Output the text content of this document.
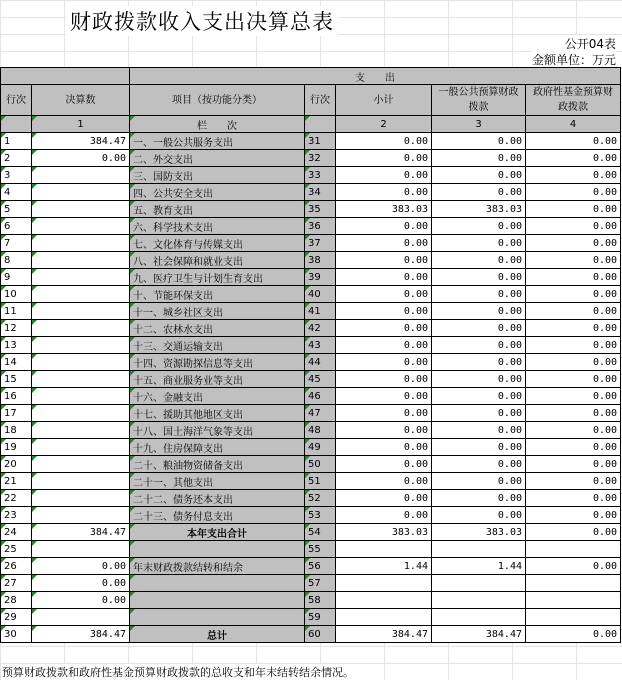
财政拨款收入支出决算总表
公开04表
金额单位：万元
		支　　出				
行次	决算数	项目（按功能分类）	行次	小计	一般公共预算财政拨款	政府性基金预算财政拨款
	1	栏　　次		2	3	4
1	384.47	一、一般公共服务支出	31	0.00	0.00	0.00
2	0.00	二、外交支出	32	0.00	0.00	0.00
3		三、国防支出	33	0.00	0.00	0.00
4		四、公共安全支出	34	0.00	0.00	0.00
5		五、教育支出	35	383.03	383.03	0.00
6		六、科学技术支出	36	0.00	0.00	0.00
7		七、文化体育与传媒支出	37	0.00	0.00	0.00
8		八、社会保障和就业支出	38	0.00	0.00	0.00
9		九、医疗卫生与计划生育支出	39	0.00	0.00	0.00
10		十、节能环保支出	40	0.00	0.00	0.00
11		十一、城乡社区支出	41	0.00	0.00	0.00
12		十二、农林水支出	42	0.00	0.00	0.00
13		十三、交通运输支出	43	0.00	0.00	0.00
14		十四、资源勘探信息等支出	44	0.00	0.00	0.00
15		十五、商业服务业等支出	45	0.00	0.00	0.00
16		十六、金融支出	46	0.00	0.00	0.00
17		十七、援助其他地区支出	47	0.00	0.00	0.00
18		十八、国土海洋气象等支出	48	0.00	0.00	0.00
19		十九、住房保障支出	49	0.00	0.00	0.00
20		二十、粮油物资储备支出	50	0.00	0.00	0.00
21		二十一、其他支出	51	0.00	0.00	0.00
22		二十二、债务还本支出	52	0.00	0.00	0.00
23		二十三、债务付息支出	53	0.00	0.00	0.00
24	384.47	本年支出合计	54	383.03	383.03	0.00
25			55			
26	0.00	年末财政拨款结转和结余	56	1.44	1.44	0.00
27	0.00		57			
28	0.00		58			
29			59			
30	384.47	总计	60	384.47	384.47	0.00
预算财政拨款和政府性基金预算财政拨款的总收支和年末结转结余情况。
